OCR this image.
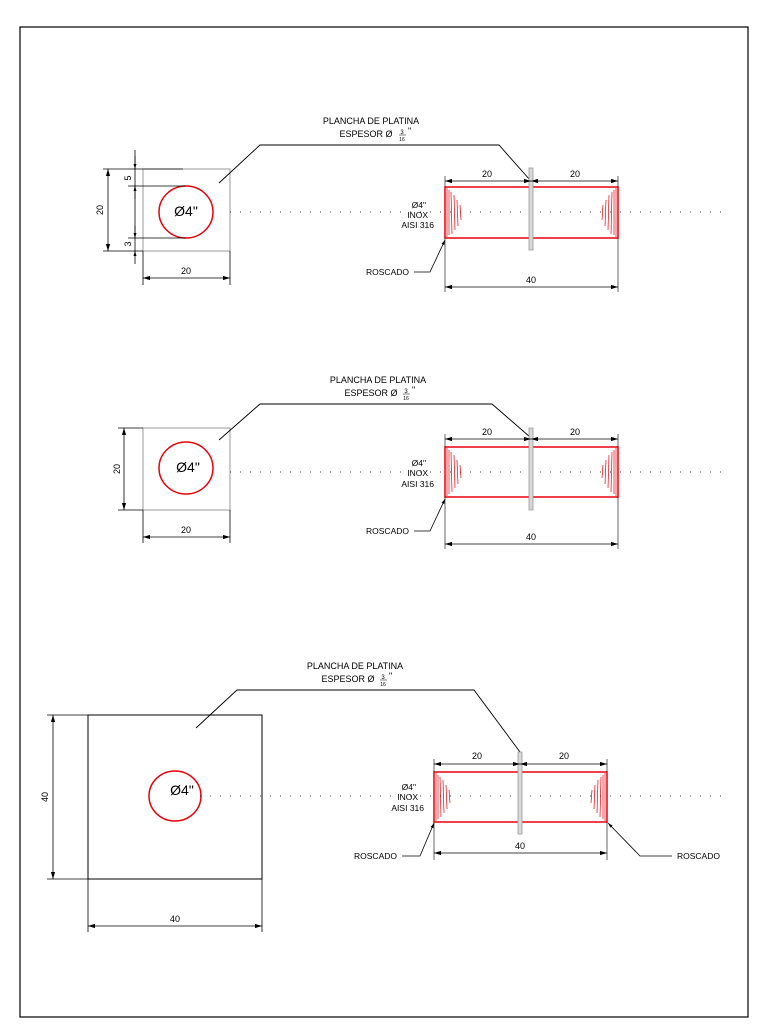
Ø4"
20
5
3
20
PLANCHA DE PLATINA
ESPESOR Ø 3
16
"
Ø4"
INOX
AISI 316
20	20
40
ROSCADO
Ø4"
20
20
PLANCHA DE PLATINA
ESPESOR Ø 3
16
"
Ø4"
INOX
AISI 316
20	20
40
ROSCADO
Ø4"
40
40
PLANCHA DE PLATINA
ESPESOR Ø 3
16
"
Ø4"
INOX
AISI 316
20	20
40
ROSCADO	ROSCADO
